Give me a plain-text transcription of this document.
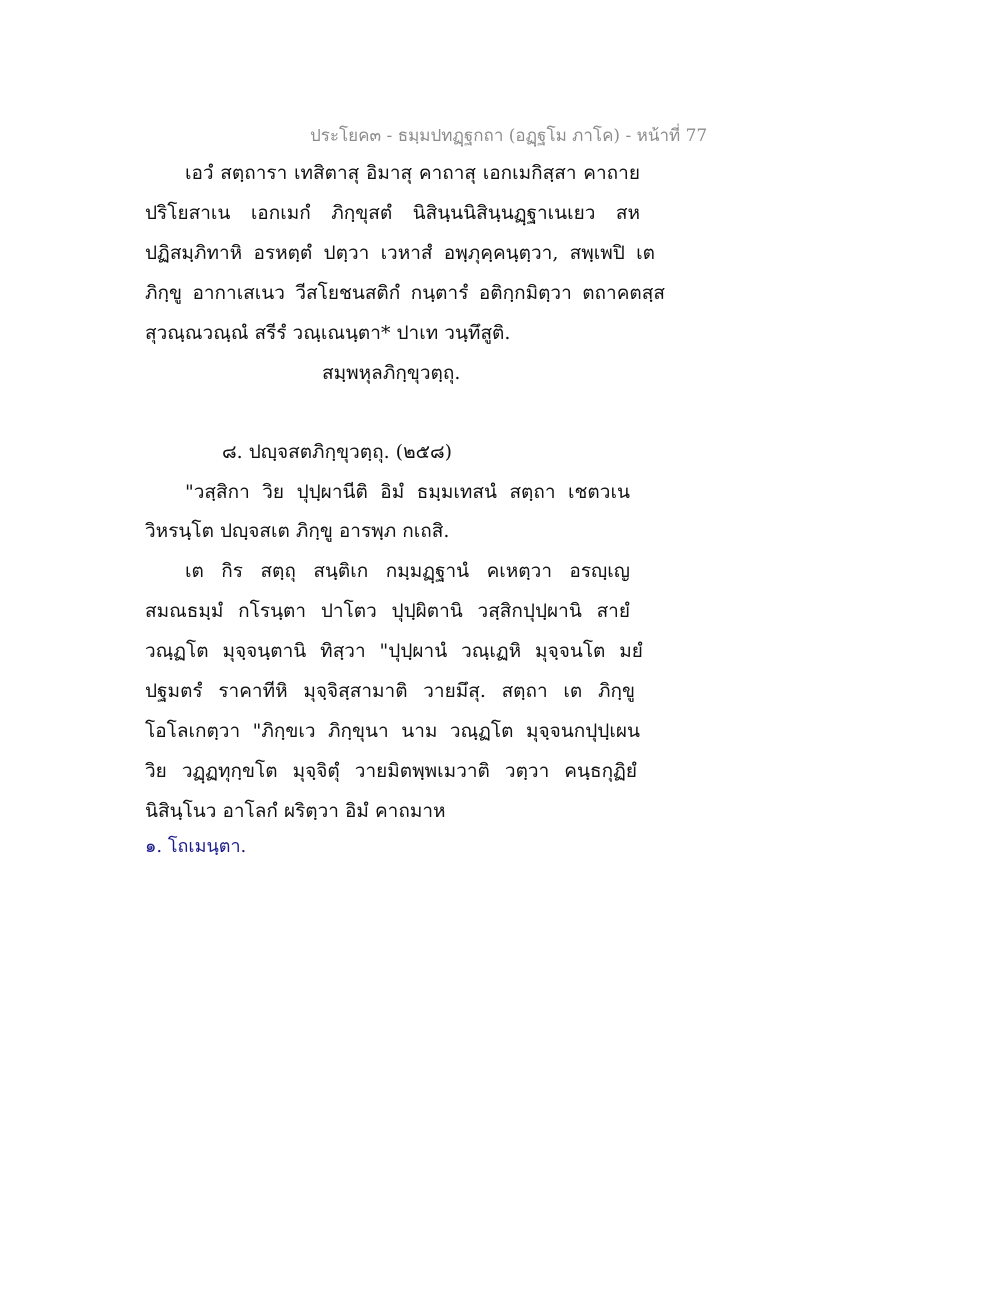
ประโยค๓ - ธมฺมปทฏฺฐกถา (อฏฺฐโม ภาโค) - หน้าที่ 77
เอวํ สตฺถารา เทสิตาสุ อิมาสุ คาถาสุ เอกเมกิสฺสา คาถาย
ปริโยสาเน เอกเมกํ ภิกฺขุสตํ นิสินฺนนิสินฺนฏฺฐาเนเยว สห
ปฏิสมฺภิทาหิ อรหตฺตํ ปตฺวา เวหาสํ อพฺภุคฺคนฺตฺวา, สพฺเพปิ เต
ภิกฺขู อากาเสเนว วีสโยชนสติกํ กนฺตารํ อติกฺกมิตฺวา ตถาคตสฺส
สุวณฺณวณฺณํ สรีรํ วณฺเณนฺตา* ปาเท วนฺทึสูติ.
สมฺพหุลภิกฺขุวตฺถุ.
๘. ปญฺจสตภิกฺขุวตฺถุ. (๒๕๘)
"วสฺสิกา วิย ปุปฺผานีติ อิมํ ธมฺมเทสนํ สตฺถา เชตวเน
วิหรนฺโต ปญฺจสเต ภิกฺขู อารพฺภ กเถสิ.
เต กิร สตฺถุ สนฺติเก กมฺมฏฺฐานํ คเหตฺวา อรญฺเญ
สมณธมฺมํ กโรนฺตา ปาโตว ปุปฺผิตานิ วสฺสิกปุปฺผานิ สายํ
วณฺฏโต มุจฺจนฺตานิ ทิสฺวา "ปุปฺผานํ วณฺเฏหิ มุจฺจนโต มยํ
ปฐมตรํ ราคาทีหิ มุจฺจิสฺสามาติ วายมึสุ. สตฺถา เต ภิกฺขู
โอโลเกตฺวา "ภิกฺขเว ภิกฺขุนา นาม วณฺฏโต มุจฺจนกปุปฺเผน
วิย วฏฺฏทุกฺขโต มุจฺจิตุํ วายมิตพฺพเมวาติ วตฺวา คนฺธกุฏิยํ
นิสินฺโนว อาโลกํ ผริตฺวา อิมํ คาถมาห
๑. โถเมนฺตา.
